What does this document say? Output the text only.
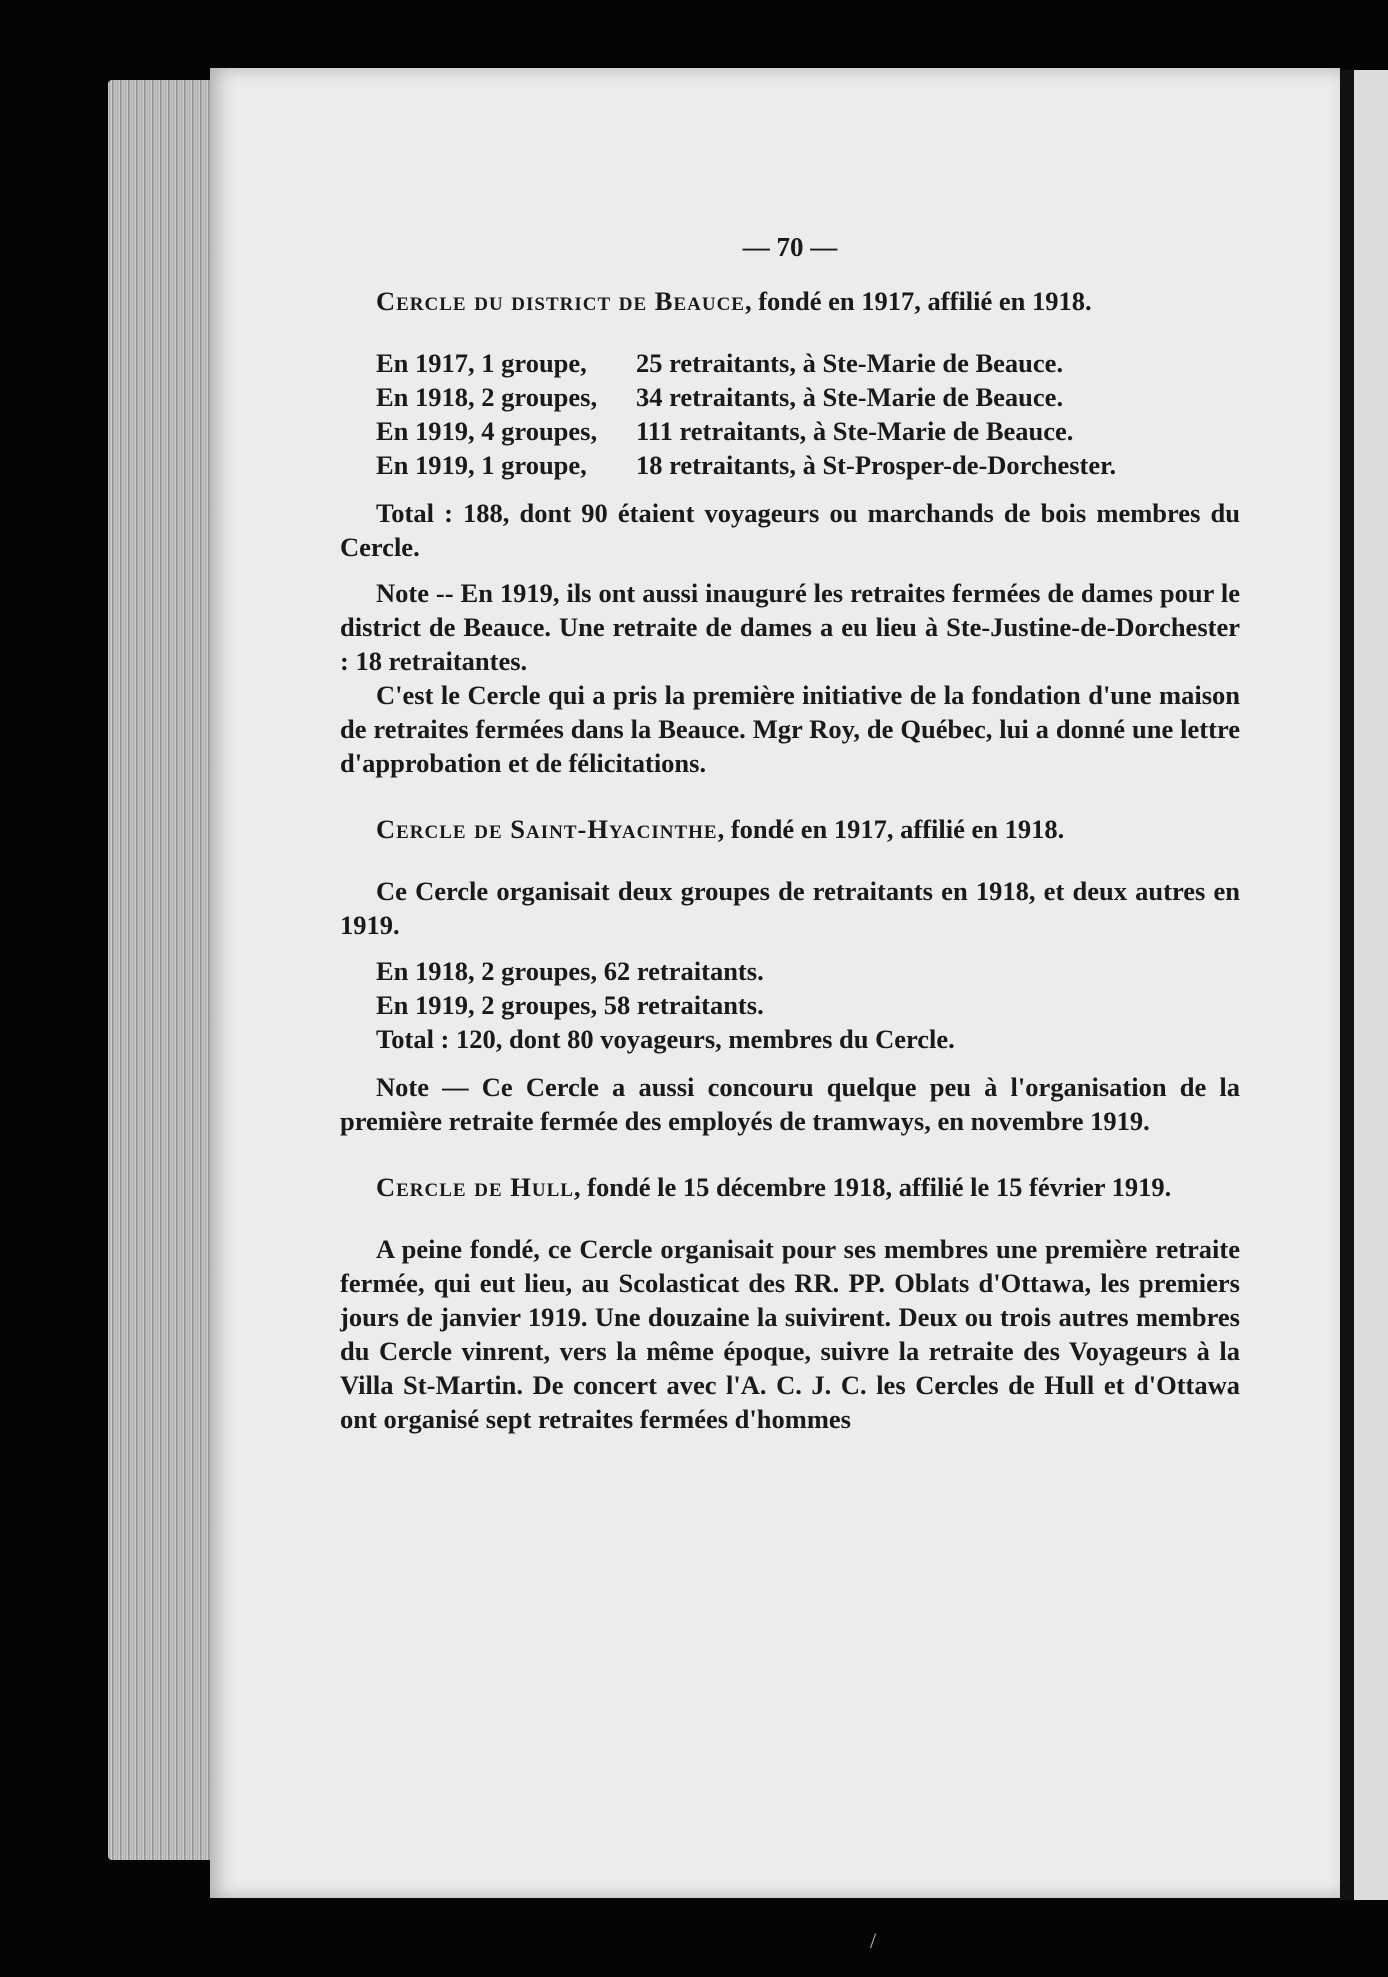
— 70 —

Cercle du district de Beauce, fondé en 1917, affilié en 1918.

En 1917, 1 groupe, 25 retraitants, à Ste-Marie de Beauce.

En 1918, 2 groupes, 34 retraitants, à Ste-Marie de Beauce.

En 1919, 4 groupes, 111 retraitants, à Ste-Marie de Beauce.

En 1919, 1 groupe, 18 retraitants, à St-Prosper-de-Dorchester.

Total : 188, dont 90 étaient voyageurs ou marchands de bois membres du Cercle.

Note -- En 1919, ils ont aussi inauguré les retraites fermées de dames pour le district de Beauce. Une retraite de dames a eu lieu à Ste-Justine-de-Dorchester : 18 retraitantes.

C'est le Cercle qui a pris la première initiative de la fondation d'une maison de retraites fermées dans la Beauce. Mgr Roy, de Québec, lui a donné une lettre d'approbation et de félicitations.

Cercle de Saint-Hyacinthe, fondé en 1917, affilié en 1918.

Ce Cercle organisait deux groupes de retraitants en 1918, et deux autres en 1919.

En 1918, 2 groupes, 62 retraitants.

En 1919, 2 groupes, 58 retraitants.

Total : 120, dont 80 voyageurs, membres du Cercle.

Note — Ce Cercle a aussi concouru quelque peu à l'organisation de la première retraite fermée des employés de tramways, en novembre 1919.

Cercle de Hull, fondé le 15 décembre 1918, affilié le 15 février 1919.

A peine fondé, ce Cercle organisait pour ses membres une première retraite fermée, qui eut lieu, au Scolasticat des RR. PP. Oblats d'Ottawa, les premiers jours de janvier 1919. Une douzaine la suivirent. Deux ou trois autres membres du Cercle vinrent, vers la même époque, suivre la retraite des Voyageurs à la Villa St-Martin. De concert avec l'A. C. J. C. les Cercles de Hull et d'Ottawa ont organisé sept retraites fermées d'hommes

/
